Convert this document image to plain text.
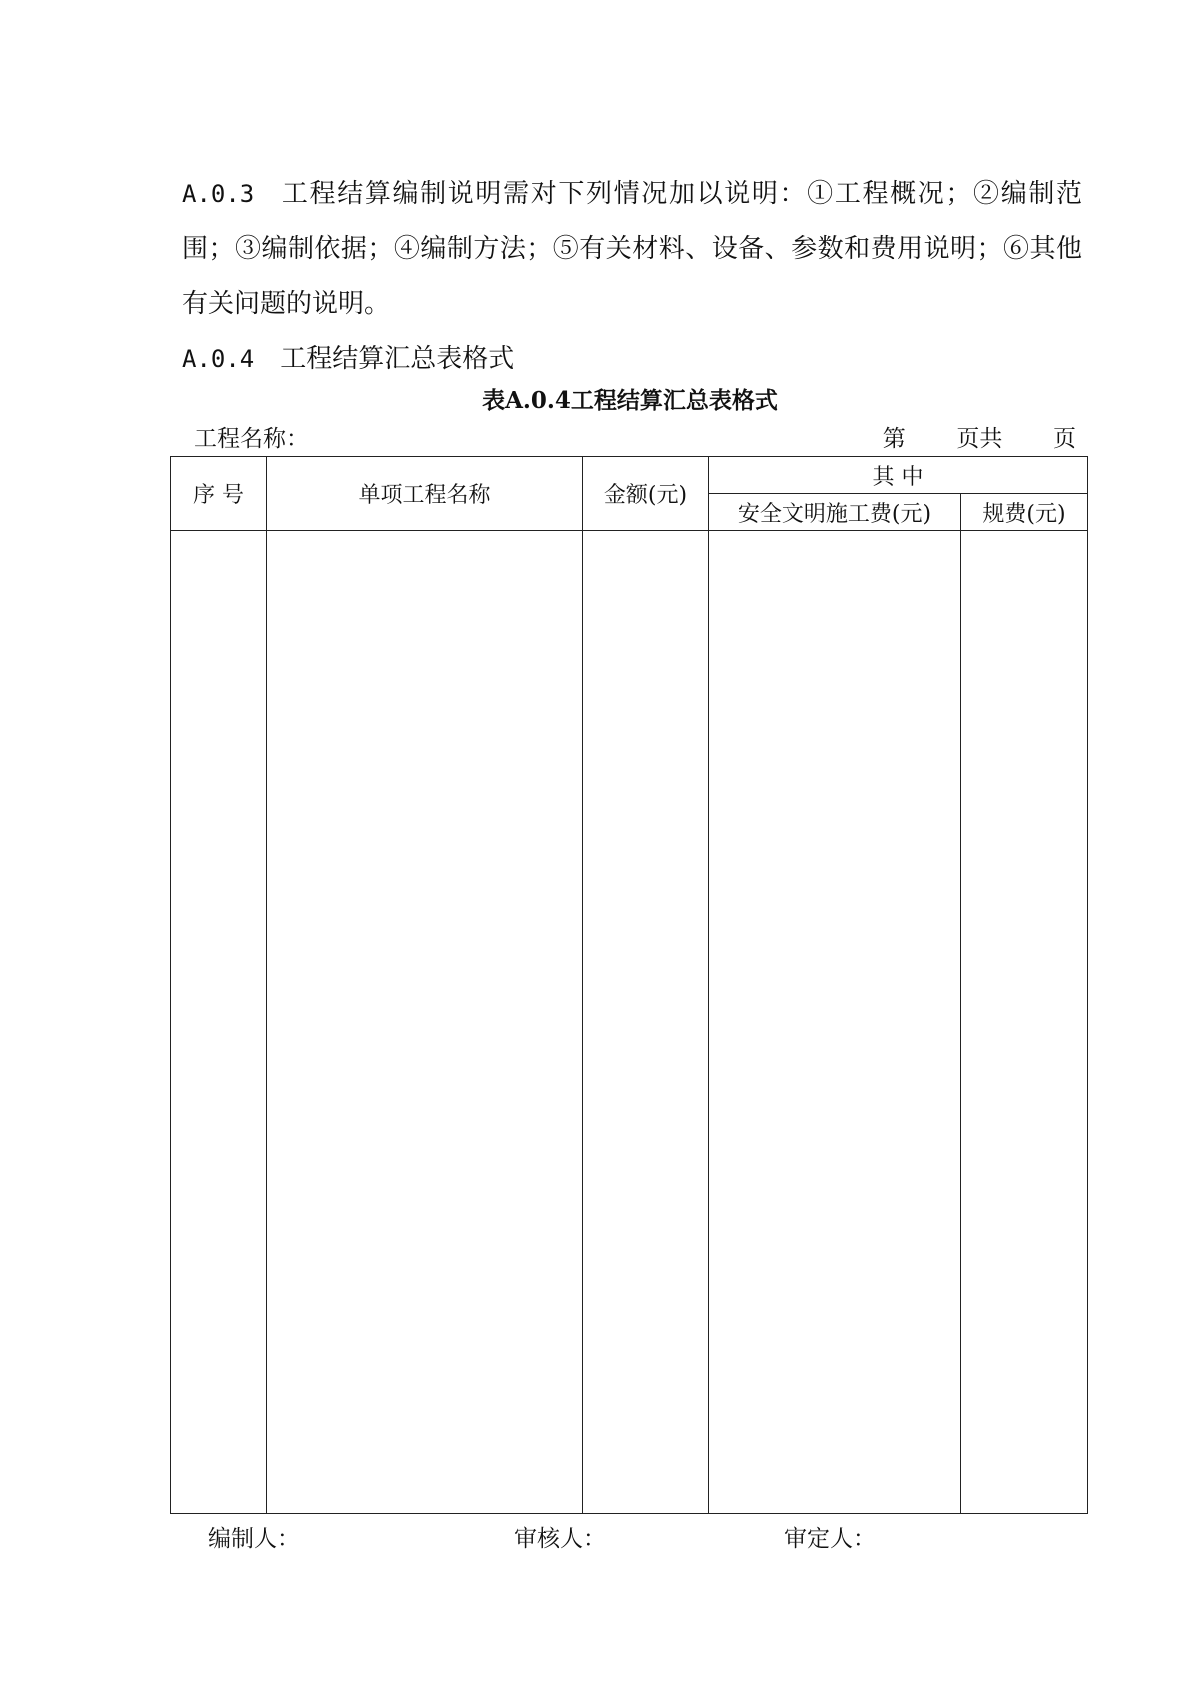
A.0.3 工程结算编制说明需对下列情况加以说明：①工程概况；②编制范围；③编制依据；④编制方法；⑤有关材料、设备、参数和费用说明；⑥其他有关问题的说明。

A.0.4 工程结算汇总表格式

表A.0.4工程结算汇总表格式
工程名称：	第 页共 页
序 号	单项工程名称	金额(元)	其 中	
			安全文明施工费(元)	规费(元)

编制人：	审核人：	审定人：
